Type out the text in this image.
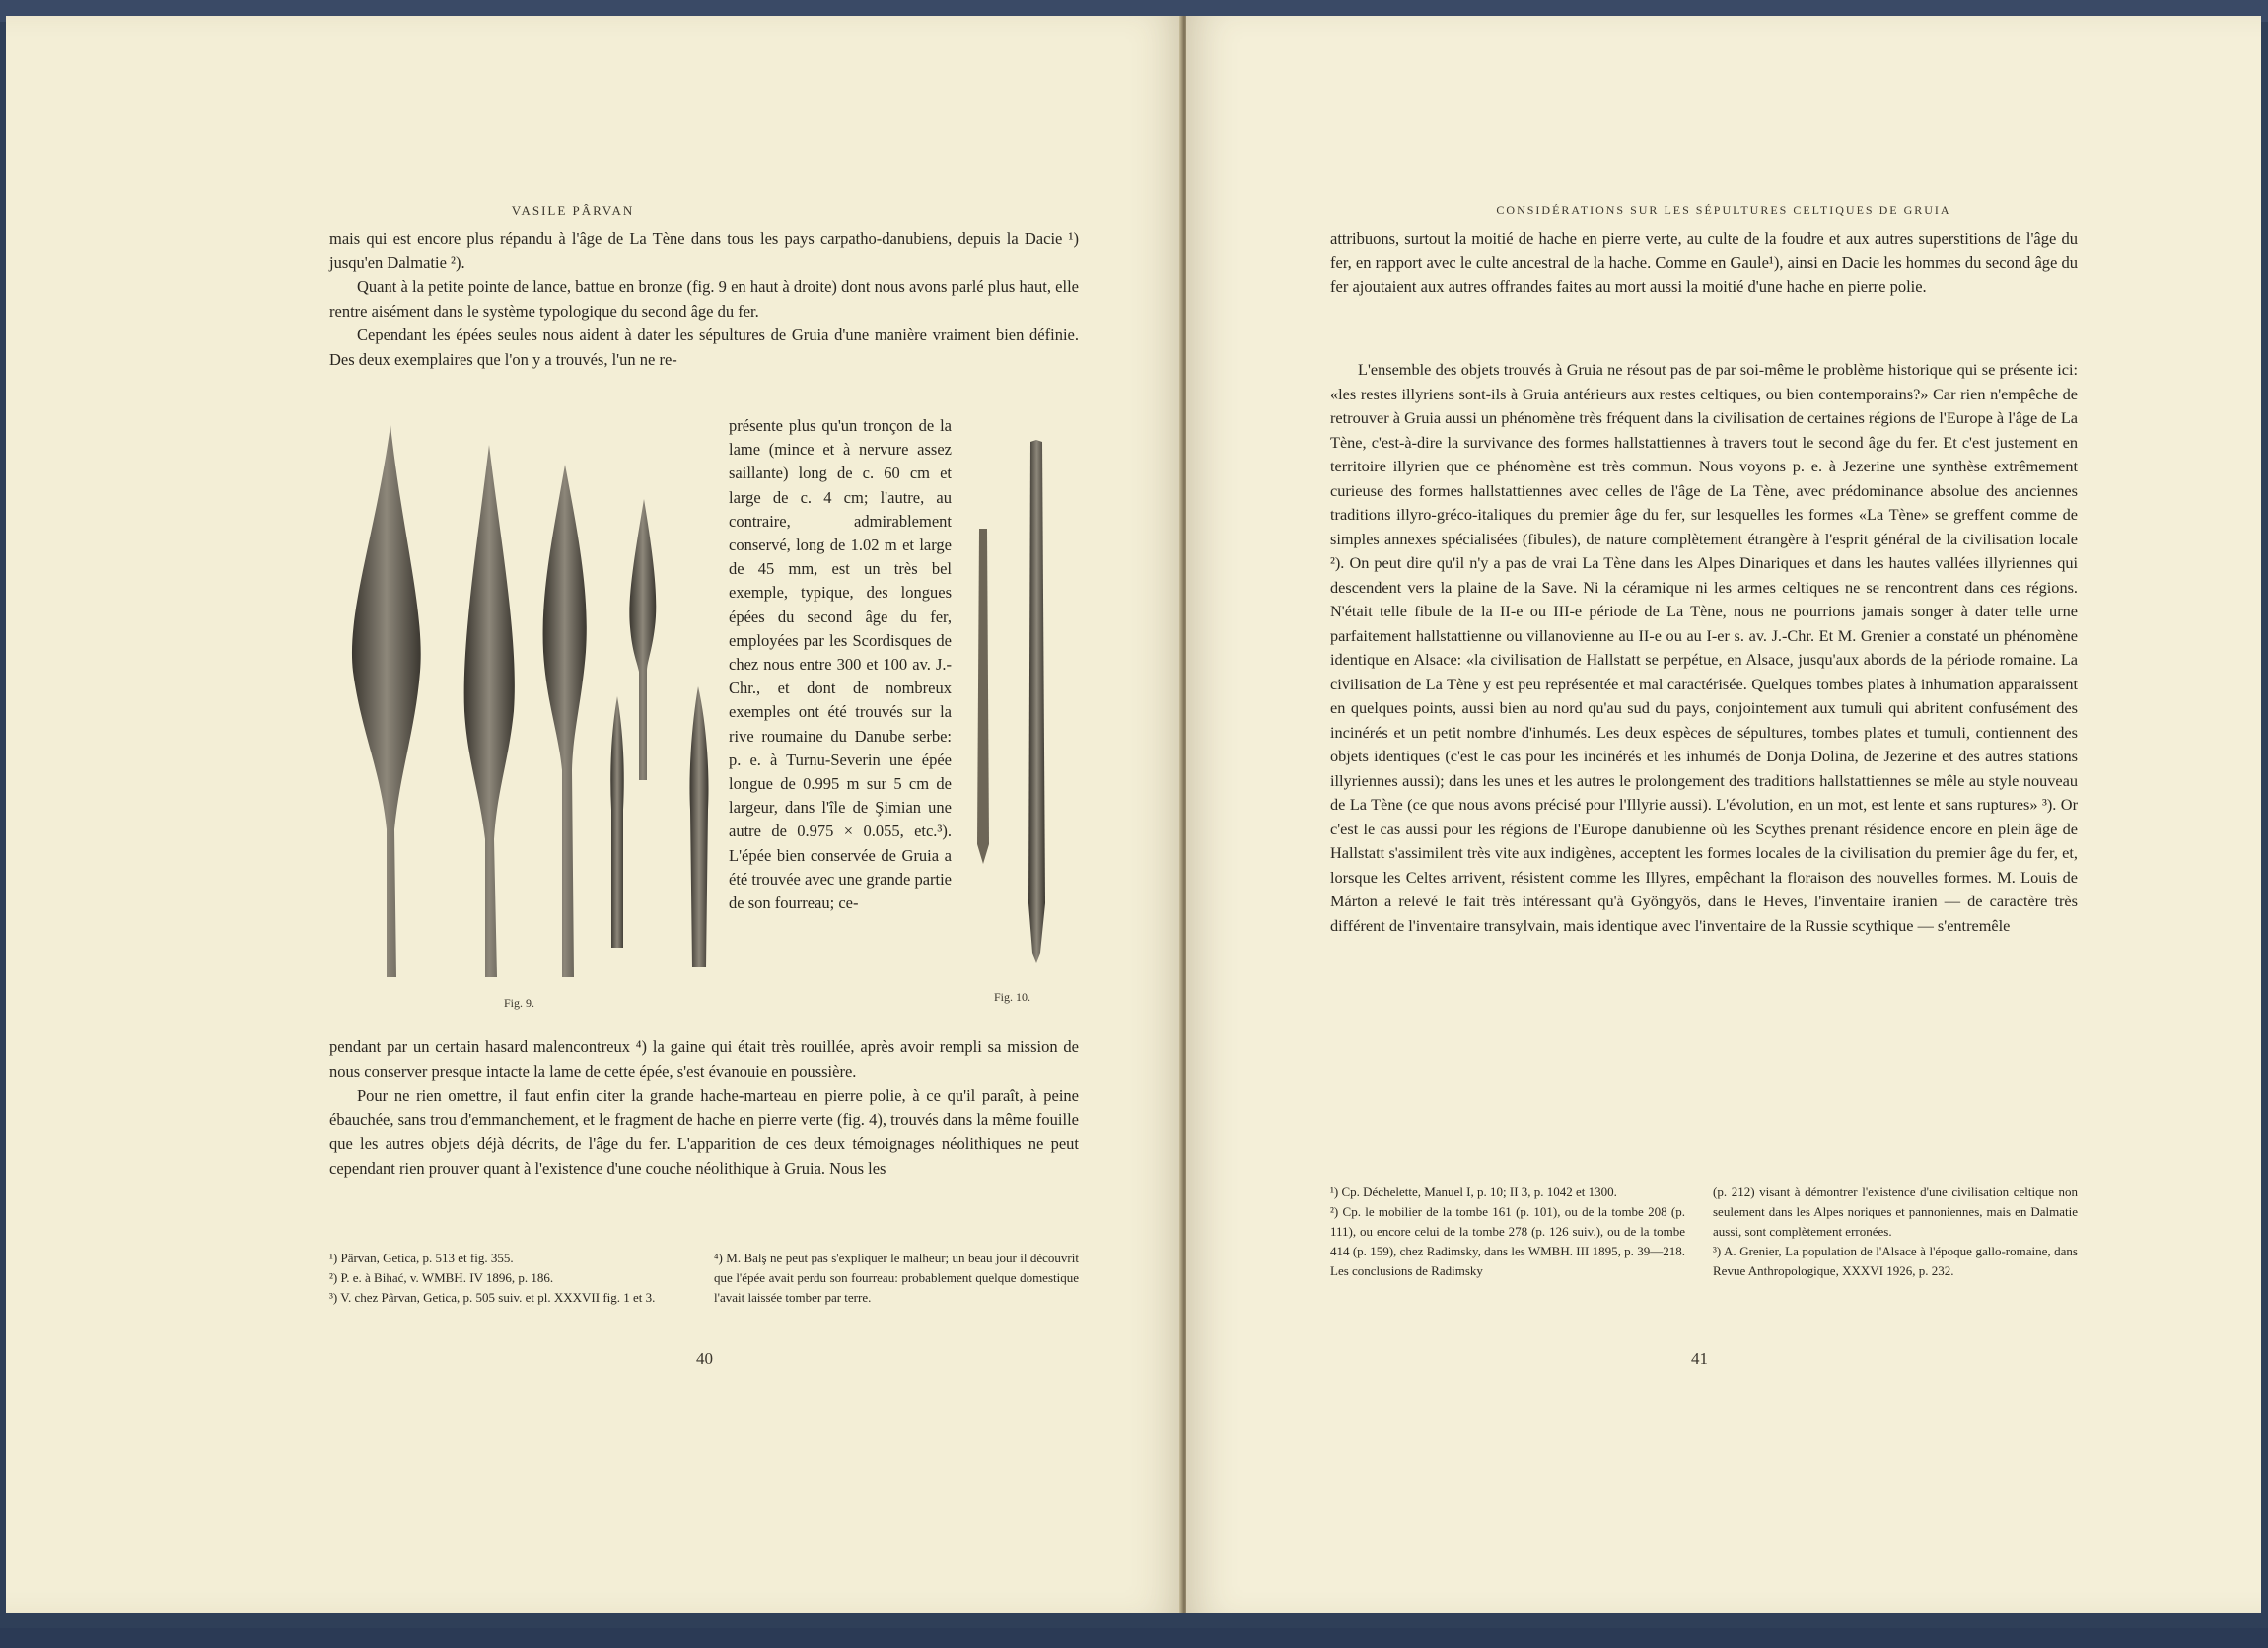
VASILE PÂRVAN

mais qui est encore plus répandu à l'âge de La Tène dans tous les pays carpatho-danubiens, depuis la Dacie ¹) jusqu'en Dalmatie ²).

Quant à la petite pointe de lance, battue en bronze (fig. 9 en haut à droite) dont nous avons parlé plus haut, elle rentre aisément dans le système typologique du second âge du fer.

Cependant les épées seules nous aident à dater les sépultures de Gruia d'une manière vraiment bien définie. Des deux exemplaires que l'on y a trouvés, l'un ne re-

Fig. 9.

présente plus qu'un tronçon de la lame (mince et à nervure assez saillante) long de c. 60 cm et large de c. 4 cm; l'autre, au contraire, admirablement conservé, long de 1.02 m et large de 45 mm, est un très bel exemple, typique, des longues épées du second âge du fer, employées par les Scordisques de chez nous entre 300 et 100 av. J.-Chr., et dont de nombreux exemples ont été trouvés sur la rive roumaine du Danube serbe: p. e. à Turnu-Severin une épée longue de 0.995 m sur 5 cm de largeur, dans l'île de Şimian une autre de 0.975 × 0.055, etc.³). L'épée bien conservée de Gruia a été trouvée avec une grande partie de son fourreau; ce-

Fig. 10.

pendant par un certain hasard malencontreux ⁴) la gaine qui était très rouillée, après avoir rempli sa mission de nous conserver presque intacte la lame de cette épée, s'est évanouie en poussière.

Pour ne rien omettre, il faut enfin citer la grande hache-marteau en pierre polie, à ce qu'il paraît, à peine ébauchée, sans trou d'emmanchement, et le fragment de hache en pierre verte (fig. 4), trouvés dans la même fouille que les autres objets déjà décrits, de l'âge du fer. L'apparition de ces deux témoignages néolithiques ne peut cependant rien prouver quant à l'existence d'une couche néolithique à Gruia. Nous les

¹) Pârvan, Getica, p. 513 et fig. 355.

²) P. e. à Bihać, v. WMBH. IV 1896, p. 186.

³) V. chez Pârvan, Getica, p. 505 suiv. et pl. XXXVII fig. 1 et 3.

⁴) M. Balş ne peut pas s'expliquer le malheur; un beau jour il découvrit que l'épée avait perdu son fourreau: probablement quelque domestique l'avait laissée tomber par terre.

40
CONSIDÉRATIONS SUR LES SÉPULTURES CELTIQUES DE GRUIA

attribuons, surtout la moitié de hache en pierre verte, au culte de la foudre et aux autres superstitions de l'âge du fer, en rapport avec le culte ancestral de la hache. Comme en Gaule¹), ainsi en Dacie les hommes du second âge du fer ajoutaient aux autres offrandes faites au mort aussi la moitié d'une hache en pierre polie.

L'ensemble des objets trouvés à Gruia ne résout pas de par soi-même le problème historique qui se présente ici: «les restes illyriens sont-ils à Gruia antérieurs aux restes celtiques, ou bien contemporains?» Car rien n'empêche de retrouver à Gruia aussi un phénomène très fréquent dans la civilisation de certaines régions de l'Europe à l'âge de La Tène, c'est-à-dire la survivance des formes hallstattiennes à travers tout le second âge du fer. Et c'est justement en territoire illyrien que ce phénomène est très commun. Nous voyons p. e. à Jezerine une synthèse extrêmement curieuse des formes hallstattiennes avec celles de l'âge de La Tène, avec prédominance absolue des anciennes traditions illyro-gréco-italiques du premier âge du fer, sur lesquelles les formes «La Tène» se greffent comme de simples annexes spécialisées (fibules), de nature complètement étrangère à l'esprit général de la civilisation locale ²). On peut dire qu'il n'y a pas de vrai La Tène dans les Alpes Dinariques et dans les hautes vallées illyriennes qui descendent vers la plaine de la Save. Ni la céramique ni les armes celtiques ne se rencontrent dans ces régions. N'était telle fibule de la II-e ou III-e période de La Tène, nous ne pourrions jamais songer à dater telle urne parfaitement hallstattienne ou villanovienne au II-e ou au I-er s. av. J.-Chr. Et M. Grenier a constaté un phénomène identique en Alsace: «la civilisation de Hallstatt se perpétue, en Alsace, jusqu'aux abords de la période romaine. La civilisation de La Tène y est peu représentée et mal caractérisée. Quelques tombes plates à inhumation apparaissent en quelques points, aussi bien au nord qu'au sud du pays, conjointement aux tumuli qui abritent confusément des incinérés et un petit nombre d'inhumés. Les deux espèces de sépultures, tombes plates et tumuli, contiennent des objets identiques (c'est le cas pour les incinérés et les inhumés de Donja Dolina, de Jezerine et des autres stations illyriennes aussi); dans les unes et les autres le prolongement des traditions hallstattiennes se mêle au style nouveau de La Tène (ce que nous avons précisé pour l'Illyrie aussi). L'évolution, en un mot, est lente et sans ruptures» ³). Or c'est le cas aussi pour les régions de l'Europe danubienne où les Scythes prenant résidence encore en plein âge de Hallstatt s'assimilent très vite aux indigènes, acceptent les formes locales de la civilisation du premier âge du fer, et, lorsque les Celtes arrivent, résistent comme les Illyres, empêchant la floraison des nouvelles formes. M. Louis de Márton a relevé le fait très intéressant qu'à Gyöngyös, dans le Heves, l'inventaire iranien — de caractère très différent de l'inventaire transylvain, mais identique avec l'inventaire de la Russie scythique — s'entremêle

¹) Cp. Déchelette, Manuel I, p. 10; II 3, p. 1042 et 1300.

²) Cp. le mobilier de la tombe 161 (p. 101), ou de la tombe 208 (p. 111), ou encore celui de la tombe 278 (p. 126 suiv.), ou de la tombe 414 (p. 159), chez Radimsky, dans les WMBH. III 1895, p. 39—218. Les conclusions de Radimsky

(p. 212) visant à démontrer l'existence d'une civilisation celtique non seulement dans les Alpes noriques et pannoniennes, mais en Dalmatie aussi, sont complètement erronées.

³) A. Grenier, La population de l'Alsace à l'époque gallo-romaine, dans Revue Anthropologique, XXXVI 1926, p. 232.

41
